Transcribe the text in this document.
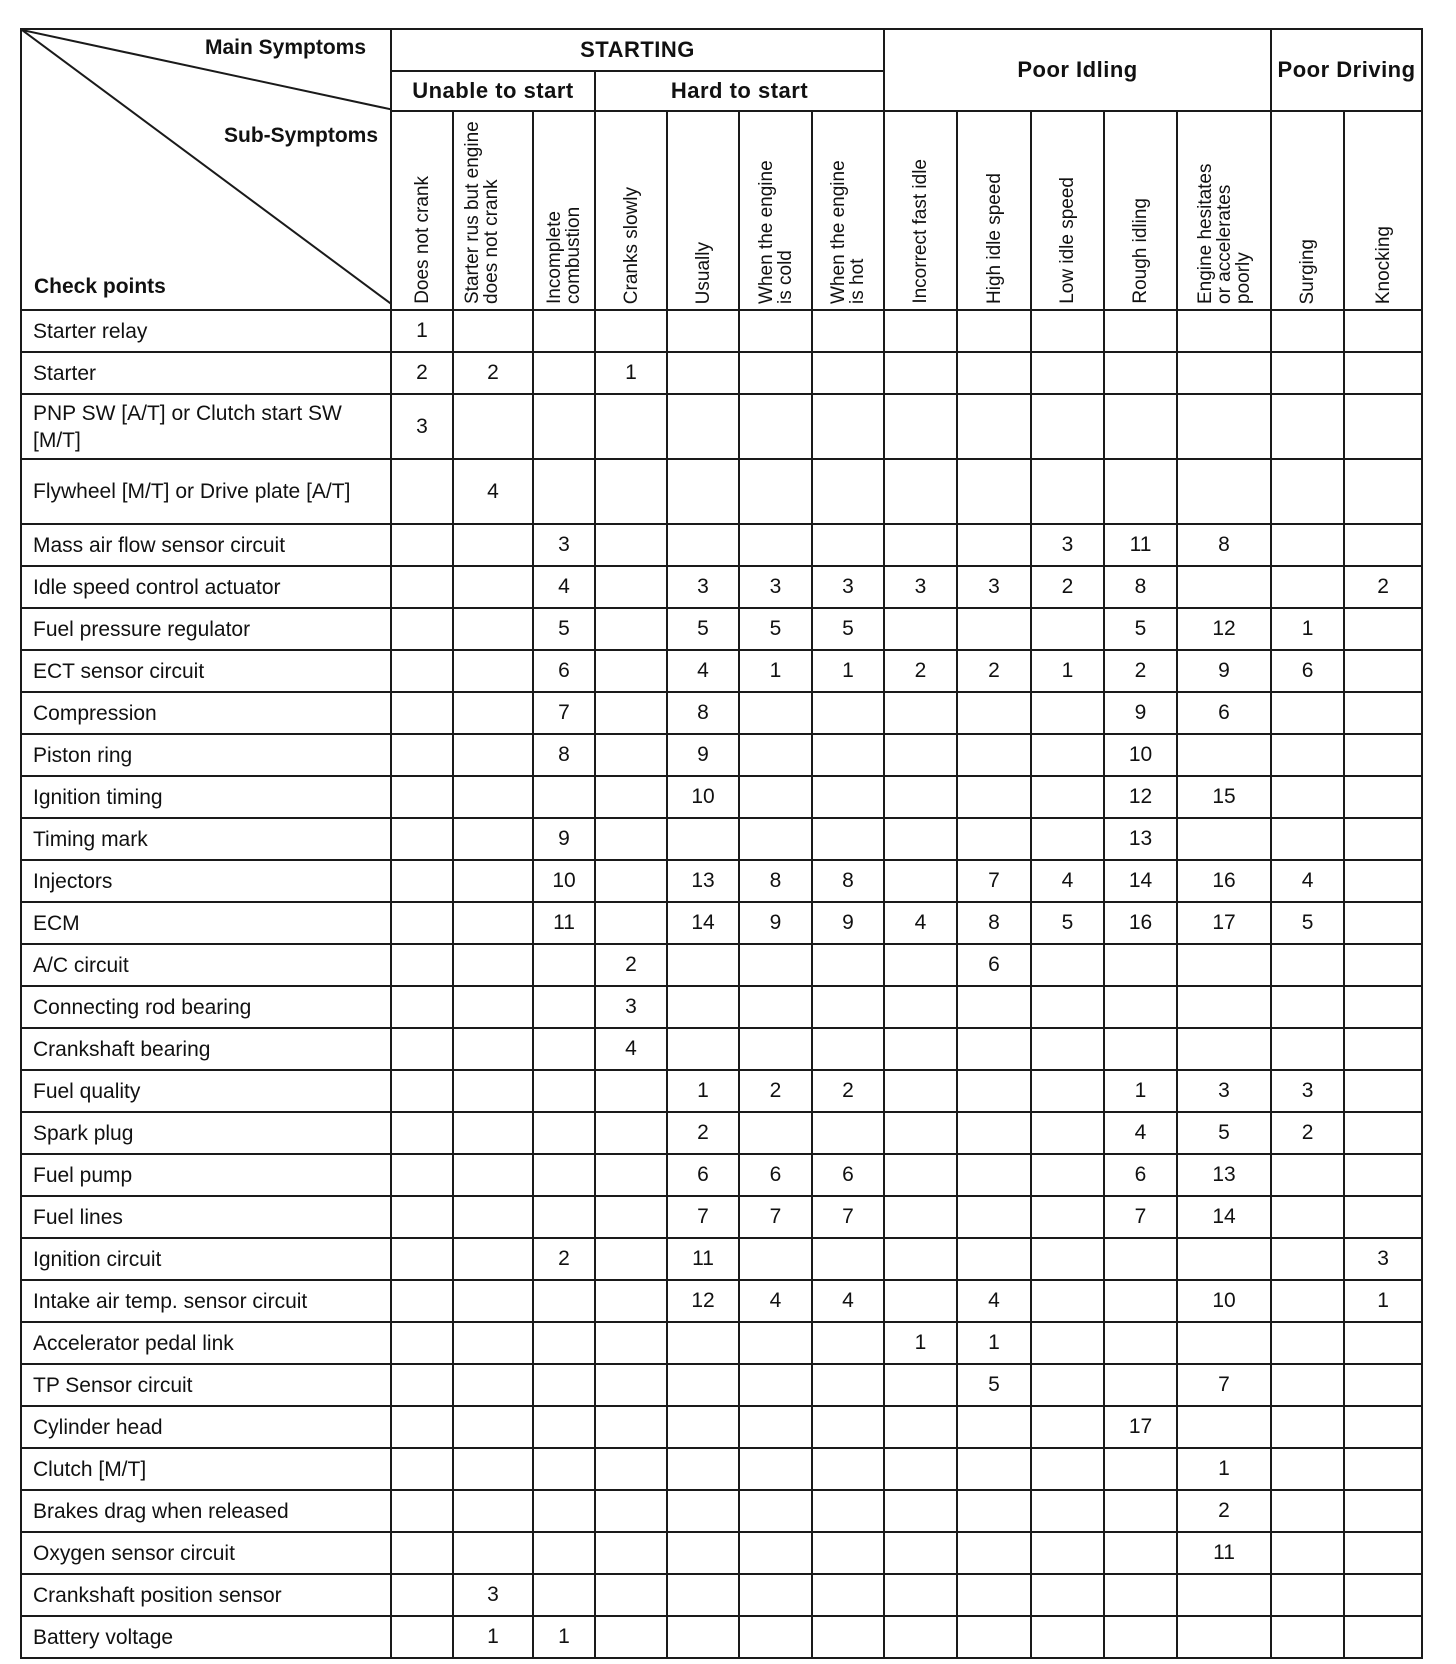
Main Symptoms
Sub-Symptoms
Check points	STARTING							Poor Idling					Poor Driving	
	Unable to start			Hard to start										
	Does not crank	Starter rus but engine does not crank	Incomplete combustion	Cranks slowly	Usually	When the engine is cold	When the engine is hot	Incorrect fast idle	High idle speed	Low idle speed	Rough idling	Engine hesitates or accelerates poorly	Surging	Knocking
Starter relay	1													
Starter	2	2		1										
PNP SW [A/T] or Clutch start SW [M/T]	3													
Flywheel [M/T] or Drive plate [A/T]		4												
Mass air flow sensor circuit			3							3	11	8		
Idle speed control actuator			4		3	3	3	3	3	2	8			2
Fuel pressure regulator			5		5	5	5				5	12	1	
ECT sensor circuit			6		4	1	1	2	2	1	2	9	6	
Compression			7		8						9	6		
Piston ring			8		9						10			
Ignition timing					10						12	15		
Timing mark			9								13			
Injectors			10		13	8	8		7	4	14	16	4	
ECM			11		14	9	9	4	8	5	16	17	5	
A/C circuit				2					6					
Connecting rod bearing				3										
Crankshaft bearing				4										
Fuel quality					1	2	2				1	3	3	
Spark plug					2						4	5	2	
Fuel pump					6	6	6				6	13		
Fuel lines					7	7	7				7	14		
Ignition circuit			2		11									3
Intake air temp. sensor circuit					12	4	4		4			10		1
Accelerator pedal link								1	1					
TP Sensor circuit									5			7		
Cylinder head											17			
Clutch [M/T]												1		
Brakes drag when released												2		
Oxygen sensor circuit												11		
Crankshaft position sensor		3												
Battery voltage		1	1											
